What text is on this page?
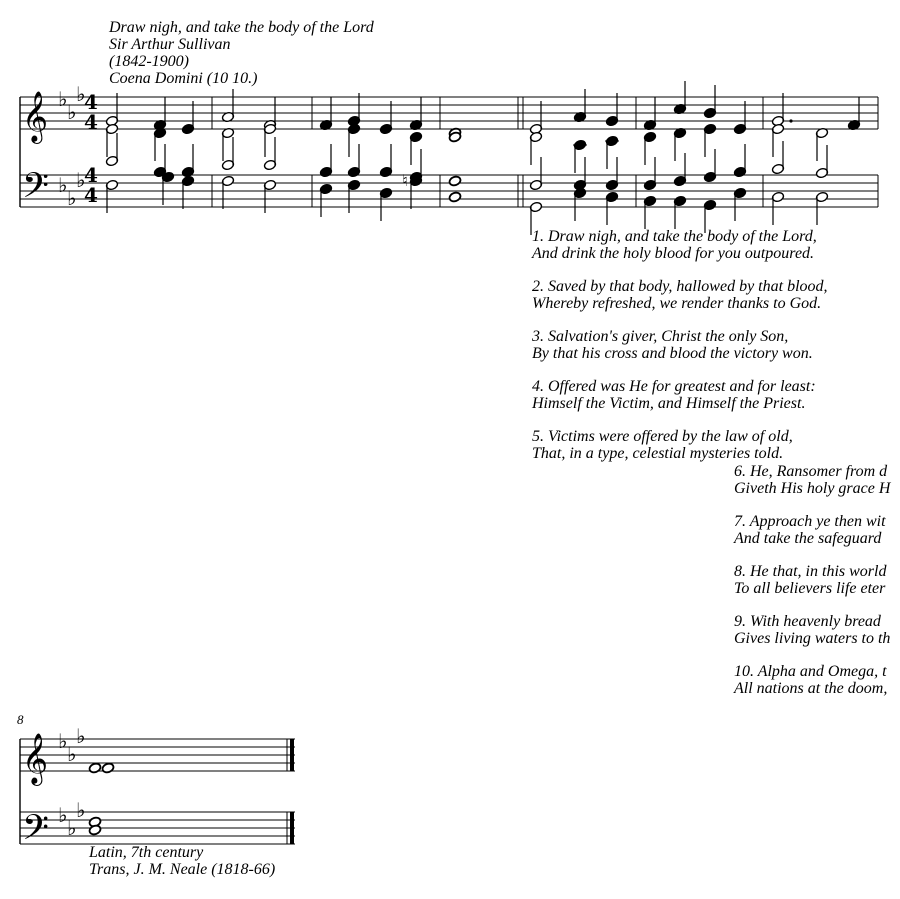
Draw nigh, and take the body of the Lord
Sir Arthur Sullivan
(1842-1900)
Coena Domini (10 10.)
1. Draw nigh, and take the body of the Lord,
And drink the holy blood for you outpoured.
2. Saved by that body, hallowed by that blood,
Whereby refreshed, we render thanks to God.
3. Salvation's giver, Christ the only Son,
By that his cross and blood the victory won.
4. Offered was He for greatest and for least:
Himself the Victim, and Himself the Priest.
5. Victims were offered by the law of old,
That, in a type, celestial mysteries told.
6. He, Ransomer from d
Giveth His holy grace H
7. Approach ye then wit
And take the safeguard
8. He that, in this world
To all believers life eter
9. With heavenly bread
Gives living waters to th
10. Alpha and Omega, t
All nations at the doom,
Latin, 7th century
Trans, J. M. Neale (1818-66)
𝄞
𝄢
𝄞
𝄢
4
4
4
4
8
♭
♭
♭
♭
♭
♭
♭
♭
♭
♭
♭
♭
♮
